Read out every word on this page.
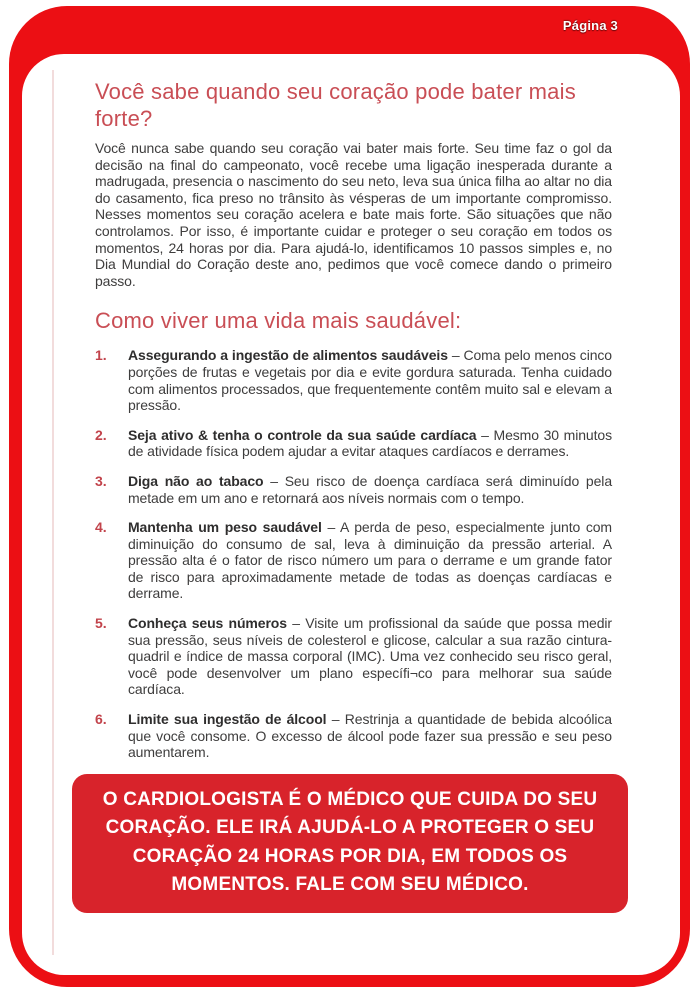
Página 3
Você sabe quando seu coração pode bater mais forte?

Você nunca sabe quando seu coração vai bater mais forte. Seu time faz o gol da decisão na final do campeonato, você recebe uma ligação inesperada durante a madrugada, presencia o nascimento do seu neto, leva sua única filha ao altar no dia do casamento, fica preso no trânsito às vésperas de um importante compromisso. Nesses momentos seu coração acelera e bate mais forte. São situações que não controlamos. Por isso, é importante cuidar e proteger o seu coração em todos os momentos, 24 horas por dia. Para ajudá-lo, identificamos 10 passos simples e, no Dia Mundial do Coração deste ano, pedimos que você comece dando o primeiro passo.

Como viver uma vida mais saudável:
1.	Assegurando a ingestão de alimentos saudáveis – Coma pelo menos cinco porções de frutas e vegetais por dia e evite gordura saturada. Tenha cuidado com alimentos processados, que frequentemente contêm muito sal e elevam a pressão.
2.	Seja ativo & tenha o controle da sua saúde cardíaca – Mesmo 30 minutos de atividade física podem ajudar a evitar ataques cardíacos e derrames.
3.	Diga não ao tabaco – Seu risco de doença cardíaca será diminuído pela metade em um ano e retornará aos níveis normais com o tempo.
4.	Mantenha um peso saudável – A perda de peso, especialmente junto com diminuição do consumo de sal, leva à diminuição da pressão arterial. A pressão alta é o fator de risco número um para o derrame e um grande fator de risco para aproximadamente metade de todas as doenças cardíacas e derrame.
5.	Conheça seus números – Visite um profissional da saúde que possa medir sua pressão, seus níveis de colesterol e glicose, calcular a sua razão cintura-quadril e índice de massa corporal (IMC). Uma vez conhecido seu risco geral, você pode desenvolver um plano específi¬co para melhorar sua saúde cardíaca.
6.	Limite sua ingestão de álcool – Restrinja a quantidade de bebida alcoólica que você consome. O excesso de álcool pode fazer sua pressão e seu peso aumentarem.
O CARDIOLOGISTA É O MÉDICO QUE CUIDA DO SEU CORAÇÃO. ELE IRÁ AJUDÁ-LO A PROTEGER O SEU CORAÇÃO 24 HORAS POR DIA, EM TODOS OS MOMENTOS. FALE COM SEU MÉDICO.
